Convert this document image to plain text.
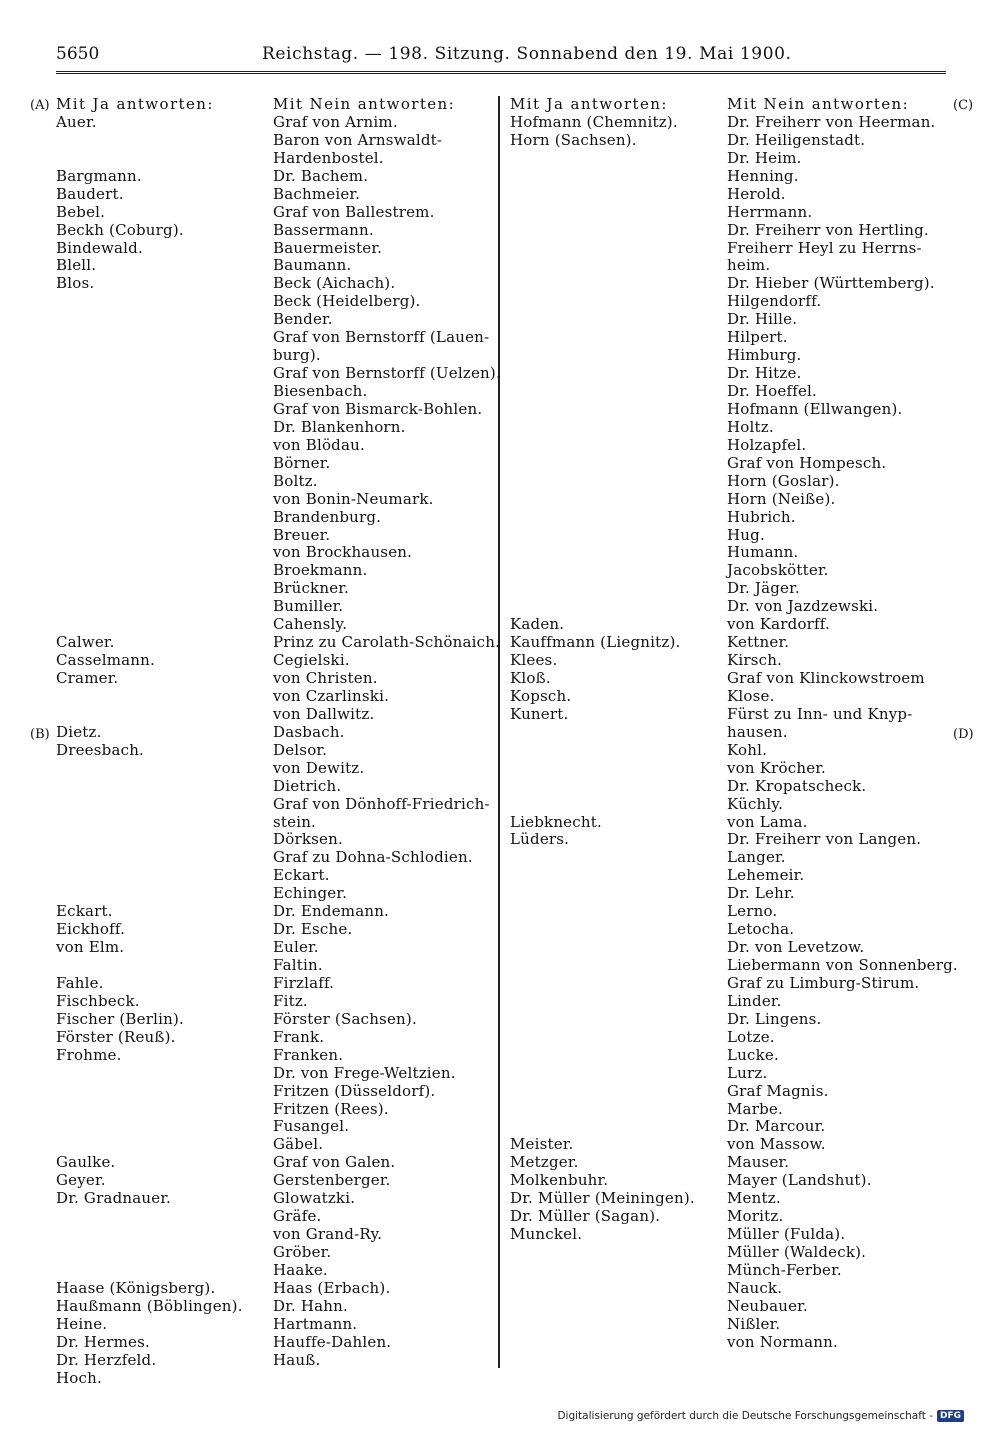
5650	Reichstag. — 198. Sitzung. Sonnabend den 19. Mai 1900.
(A)
(B)
(C)
(D)
Mit Ja antworten:
Auer.
Bargmann.
Baudert.
Bebel.
Beckh (Coburg).
Bindewald.
Blell.
Blos.
Calwer.
Casselmann.
Cramer.
Dietz.
Dreesbach.
Eckart.
Eickhoff.
von Elm.
Fahle.
Fischbeck.
Fischer (Berlin).
Förster (Reuß).
Frohme.
Gaulke.
Geyer.
Dr. Gradnauer.
Haase (Königsberg).
Haußmann (Böblingen).
Heine.
Dr. Hermes.
Dr. Herzfeld.
Hoch.
Mit Nein antworten:
Graf von Arnim.
Baron von Arnswaldt-
Hardenbostel.
Dr. Bachem.
Bachmeier.
Graf von Ballestrem.
Bassermann.
Bauermeister.
Baumann.
Beck (Aichach).
Beck (Heidelberg).
Bender.
Graf von Bernstorff (Lauen-
burg).
Graf von Bernstorff (Uelzen).
Biesenbach.
Graf von Bismarck-Bohlen.
Dr. Blankenhorn.
von Blödau.
Börner.
Boltz.
von Bonin-Neumark.
Brandenburg.
Breuer.
von Brockhausen.
Broekmann.
Brückner.
Bumiller.
Cahensly.
Prinz zu Carolath-Schönaich.
Cegielski.
von Christen.
von Czarlinski.
von Dallwitz.
Dasbach.
Delsor.
von Dewitz.
Dietrich.
Graf von Dönhoff-Friedrich-
stein.
Dörksen.
Graf zu Dohna-Schlodien.
Eckart.
Echinger.
Dr. Endemann.
Dr. Esche.
Euler.
Faltin.
Firzlaff.
Fitz.
Förster (Sachsen).
Frank.
Franken.
Dr. von Frege-Weltzien.
Fritzen (Düsseldorf).
Fritzen (Rees).
Fusangel.
Gäbel.
Graf von Galen.
Gerstenberger.
Glowatzki.
Gräfe.
von Grand-Ry.
Gröber.
Haake.
Haas (Erbach).
Dr. Hahn.
Hartmann.
Hauffe-Dahlen.
Hauß.
Mit Ja antworten:
Hofmann (Chemnitz).
Horn (Sachsen).
Kaden.
Kauffmann (Liegnitz).
Klees.
Kloß.
Kopsch.
Kunert.
Liebknecht.
Lüders.
Meister.
Metzger.
Molkenbuhr.
Dr. Müller (Meiningen).
Dr. Müller (Sagan).
Munckel.
Mit Nein antworten:
Dr. Freiherr von Heerman.
Dr. Heiligenstadt.
Dr. Heim.
Henning.
Herold.
Herrmann.
Dr. Freiherr von Hertling.
Freiherr Heyl zu Herrns-
heim.
Dr. Hieber (Württemberg).
Hilgendorff.
Dr. Hille.
Hilpert.
Himburg.
Dr. Hitze.
Dr. Hoeffel.
Hofmann (Ellwangen).
Holtz.
Holzapfel.
Graf von Hompesch.
Horn (Goslar).
Horn (Neiße).
Hubrich.
Hug.
Humann.
Jacobskötter.
Dr. Jäger.
Dr. von Jazdzewski.
von Kardorff.
Kettner.
Kirsch.
Graf von Klinckowstroem
Klose.
Fürst zu Inn- und Knyp-
hausen.
Kohl.
von Kröcher.
Dr. Kropatscheck.
Küchly.
von Lama.
Dr. Freiherr von Langen.
Langer.
Lehemeir.
Dr. Lehr.
Lerno.
Letocha.
Dr. von Levetzow.
Liebermann von Sonnenberg.
Graf zu Limburg-Stirum.
Linder.
Dr. Lingens.
Lotze.
Lucke.
Lurz.
Graf Magnis.
Marbe.
Dr. Marcour.
von Massow.
Mauser.
Mayer (Landshut).
Mentz.
Moritz.
Müller (Fulda).
Müller (Waldeck).
Münch-Ferber.
Nauck.
Neubauer.
Nißler.
von Normann.
Digitalisierung gefördert durch die Deutsche Forschungsgemeinschaft - DFG
